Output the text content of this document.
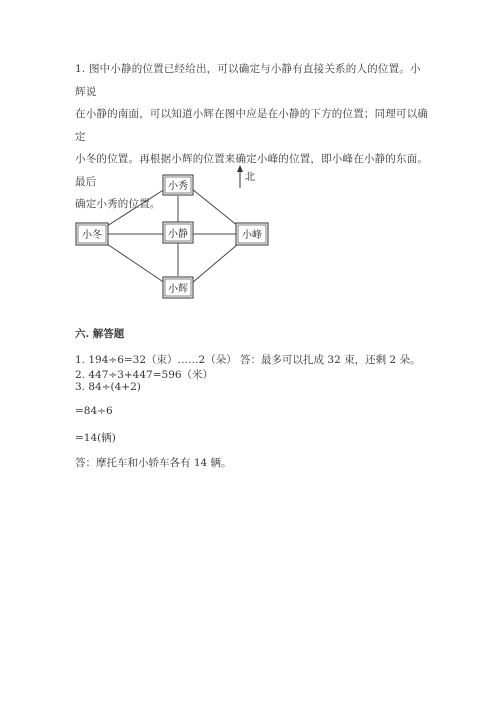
1. 图中小静的位置已经给出，可以确定与小静有直接关系的人的位置。小辉说
在小静的南面，可以知道小辉在图中应是在小静的下方的位置；同理可以确定
小冬的位置。再根据小辉的位置来确定小峰的位置，即小峰在小静的东面。最后
确定小秀的位置。
北
小秀
小冬	小静	小峰
小辉
六. 解答题
1. 194÷6=32（束）……2（朵） 答：最多可以扎成 32 束，还剩 2 朵。
2. 447÷3+447=596（米）
3. 84÷(4+2)
=84÷6
=14(辆)
答：摩托车和小轿车各有 14 辆。
